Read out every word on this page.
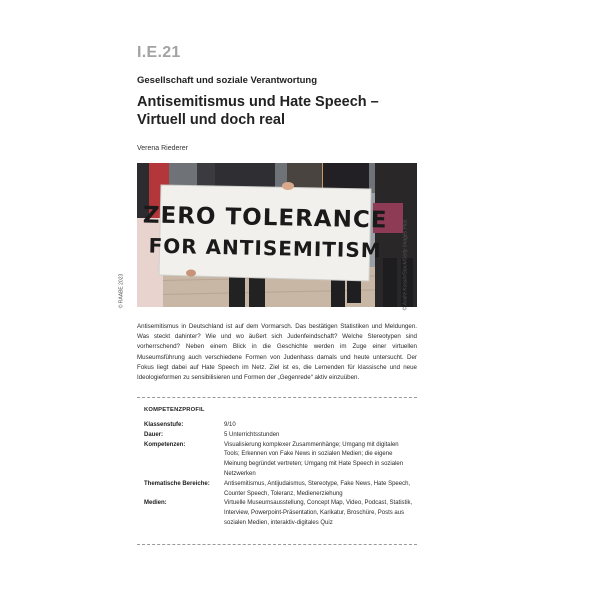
I.E.21
Gesellschaft und soziale Verantwortung
Antisemitismus und Hate Speech – Virtuell und doch real
Verena Riederer
© RAABE 2023
ZERO TOLERANCE
FOR ANTISEMITISM	© André Kosslir/Stock/Getty Images Plus
Antisemitismus in Deutschland ist auf dem Vormarsch. Das bestätigen Statistiken und Meldungen. Was steckt dahinter? Wie und wo äußert sich Judenfeindschaft? Welche Stereotypen sind vorherrschend? Neben einem Blick in die Geschichte werden im Zuge einer virtuellen Museumsführung auch verschiedene Formen von Judenhass damals und heute untersucht. Der Fokus liegt dabei auf Hate Speech im Netz. Ziel ist es, die Lernenden für klassische und neue Ideologieformen zu sensibilisieren und Formen der „Gegenrede“ aktiv einzuüben.
KOMPETENZPROFIL
Klassenstufe:	9/10
Dauer:	5 Unterrichtsstunden
Kompetenzen:	Visualisierung komplexer Zusammenhänge; Umgang mit digitalen Tools; Erkennen von Fake News in sozialen Medien; die eigene Meinung begründet vertreten; Umgang mit Hate Speech in sozialen Netzwerken
Thematische Bereiche:	Antisemitismus, Antijudaismus, Stereotype, Fake News, Hate Speech, Counter Speech, Toleranz, Medienerziehung
Medien:	Virtuelle Museumsausstellung, Concept Map, Video, Podcast, Statistik, Interview, Powerpoint-Präsentation, Karikatur, Broschüre, Posts aus sozialen Medien, interaktiv-digitales Quiz
